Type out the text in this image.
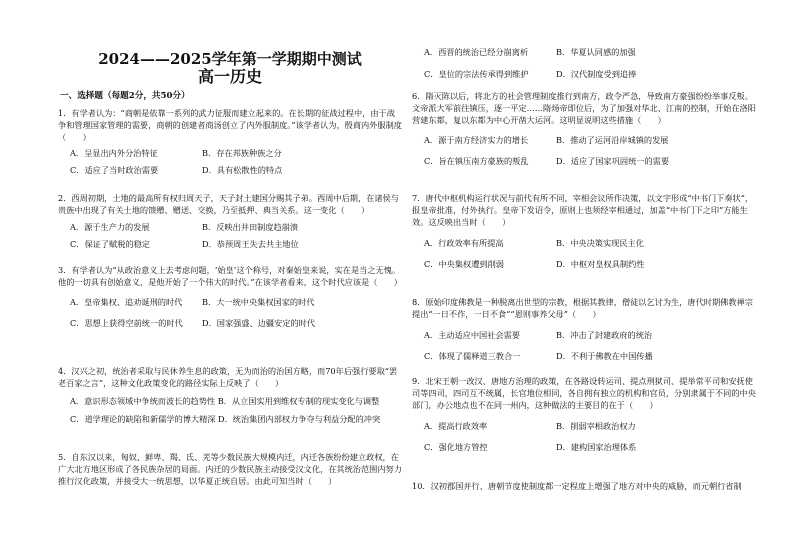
2024——2025学年第一学期期中测试
高一历史
一、选择题（每题2分，共50分）

1．有学者认为：“商朝是依靠一系列的武力征服而建立起来的。在长期的征战过程中，由于战争和管理国家管理的需要，商朝的创建者商汤创立了内外服制度。”该学者认为，殷商内外服制度（　　）

A．呈显出内外分治特征	B．存在邦族种族之分
C．适应了当时政治需要	D．具有松散性的特点

2．西周初期，土地的最高所有权归周天子，天子封土建国分赐其子弟。西周中后期，在诸侯与贵族中出现了有关土地的馈赠、赠送、交换，乃至抵押、典当关系。这一变化（　　）

A．源于生产力的发展	B．反映出井田制度趋崩溃
C．保证了赋税的稳定	D．恭预周王失去共主地位

3．有学者认为“从政治意义上去考虑问题，‘始皇’这个称号，对秦始皇来说，实在是当之无愧。他的一切具有创始意义，是他开始了一个伟大的时代。”在该学者看来，这个时代应该是（　　）

A．皇帝集权、追劝诞刑的时代	B．大一统中央集权国家的时代
C．思想上获得空前统一的时代	D．国家强盛、边疆安定的时代

4．汉兴之初，统治者采取与民休养生息的政策，无为而治的治国方略，而70年后强行要取“罢老百家之言”，这种文化政策变化的路径实际上反映了（　　）

A．意识形态领域中争统而波长的趋势性 B．从立国实用到维权专制的现实变化与调整
C．道学理论的缺陷和新儒学的博大精深 D．统治集团内部权力争夺与利益分配的冲突

5．自东汉以来，匈奴、鲜卑、羯、氐、羌等少数民族大规模内迁，内迁各族纷纷建立政权，在广大北方地区形成了各民族杂居的局面。内迁的少数民族主动接受汉文化，在其统治范围内努力推行汉化政策，并接受大一统思想，以华夏正统自居。由此可知当时（　　）

A．西晋的统治已经分崩离析	B．华夏认同感的加强
C．皇位的宗法传承得到维护	D．汉代制度受到追捧

6．隋灭陈以后，将北方的社会管理制度推行到南方，政令严急，导致南方豪强纷纷举事反叛。文帝派大军前往镇压，逐一平定……隋炀帝即位后，为了加强对华北、江南的控制，开始在洛阳营建东都，复以东都为中心开凿大运河。这明显说明这些措施（　　）

A．源于南方经济实力的增长	B．推动了运河沿岸城镇的发展
C．旨在镇压南方豪族的叛乱	D．适应了国家巩固统一的需要

7．唐代中枢机构运行状况与前代有所不同，宰相会议所作决策，以文字形成“中书门下奏状”，报皇帝批准，付外执行。皇帝下发诏令，原则上也须经宰相通过，加盖“中书门下之印”方能生效。这反映出当时（　　）

A．行政效率有所提高	B．中央决策实现民主化
C．中央集权遭到削弱	D．中枢对皇权具制约性

8．原始印度佛教是一种脱离出世型的宗教，根据其教律，僧徒以乞讨为生，唐代时期佛教禅宗提出“一日不作，一日不食”“恩则事养父母”（　　）

A．主动适应中国社会需要	B．冲击了封建政府的统治
C．体现了儒释道三教合一	D．不利于佛教在中国传播

9．北宋王朝一改汉、唐地方治理的政策，在各路设转运司、提点刑狱司、提举常平司和安抚使司等四司，四司互不统属，长官地位相同，各自拥有独立的机构和官员，分别隶属于不同的中央部门，办公地点也不在同一州内，这种做法的主要目的在于（　　）

A．提高行政效率	B．削弱宰相政治权力
C．强化地方管控	D．建构国家治理体系

10．汉初郡国并行、唐朝节度使制度都一定程度上增强了地方对中央的威胁，而元朝行省制
